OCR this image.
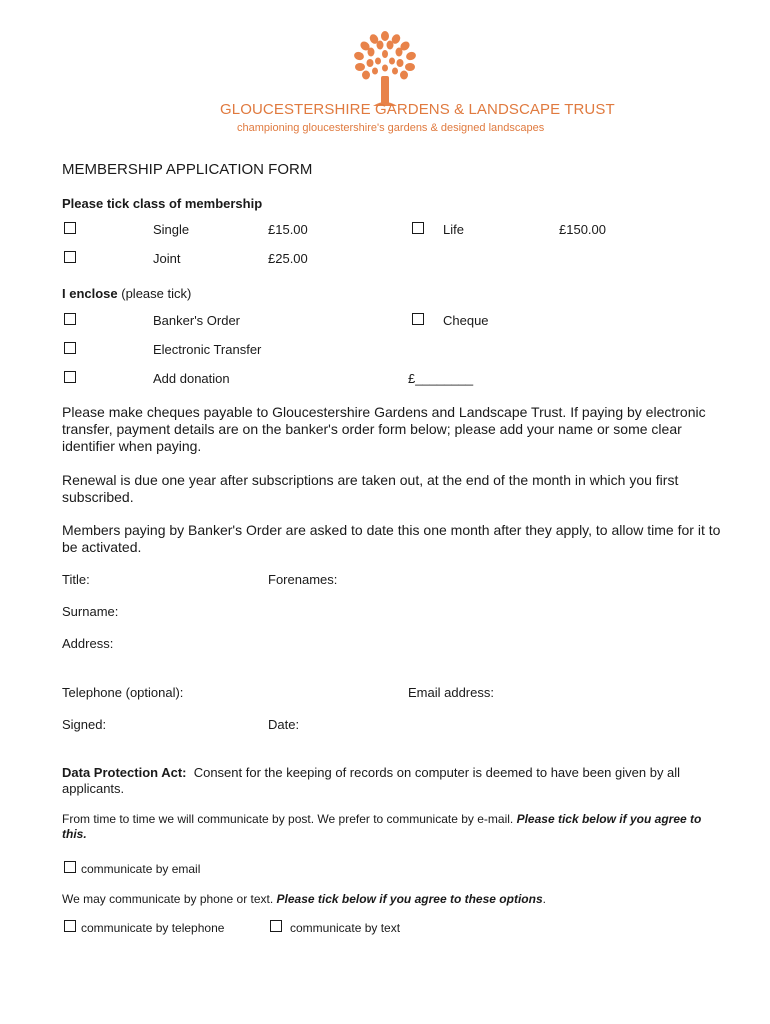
GLOUCESTERSHIRE GARDENS & LANDSCAPE TRUST
championing gloucestershire's gardens & designed landscapes
MEMBERSHIP APPLICATION FORM
Please tick class of membership
Single	£15.00	Life	£150.00
Joint	£25.00
I enclose (please tick)
Banker's Order	Cheque
Electronic Transfer
Add donation	£________
Please make cheques payable to Gloucestershire Gardens and Landscape Trust. If paying by electronic transfer, payment details are on the banker's order form below; please add your name or some clear identifier when paying.
Renewal is due one year after subscriptions are taken out, at the end of the month in which you first subscribed.
Members paying by Banker's Order are asked to date this one month after they apply, to allow time for it to be activated.
Title:	Forenames:
Surname:
Address:
Telephone (optional):	Email address:
Signed:	Date:
Data Protection Act:  Consent for the keeping of records on computer is deemed to have been given by all applicants.
From time to time we will communicate by post. We prefer to communicate by e-mail. Please tick below if you agree to this.
communicate by email
We may communicate by phone or text. Please tick below if you agree to these options.
communicate by telephone	communicate by text
